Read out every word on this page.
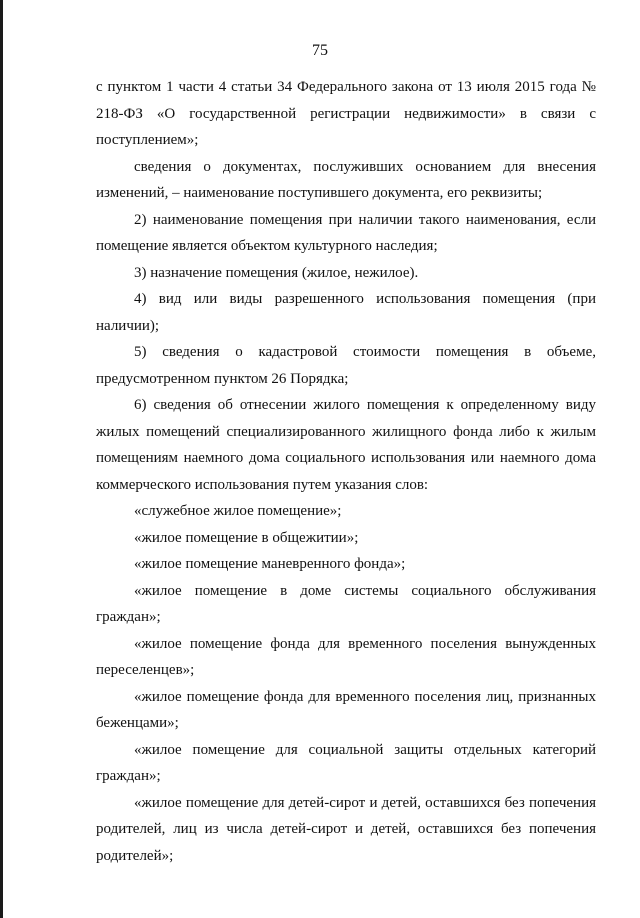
75

с пунктом 1 части 4 статьи 34 Федерального закона от 13 июля 2015 года № 218-ФЗ «О государственной регистрации недвижимости» в связи с поступлением»;

сведения о документах, послуживших основанием для внесения изменений, – наименование поступившего документа, его реквизиты;

2) наименование помещения при наличии такого наименования, если помещение является объектом культурного наследия;

3) назначение помещения (жилое, нежилое).

4) вид или виды разрешенного использования помещения (при наличии);

5) сведения о кадастровой стоимости помещения в объеме, предусмотренном пунктом 26 Порядка;

6) сведения об отнесении жилого помещения к определенному виду жилых помещений специализированного жилищного фонда либо к жилым помещениям наемного дома социального использования или наемного дома коммерческого использования путем указания слов:

«служебное жилое помещение»;

«жилое помещение в общежитии»;

«жилое помещение маневренного фонда»;

«жилое помещение в доме системы социального обслуживания граждан»;

«жилое помещение фонда для временного поселения вынужденных переселенцев»;

«жилое помещение фонда для временного поселения лиц, признанных беженцами»;

«жилое помещение для социальной защиты отдельных категорий граждан»;

«жилое помещение для детей-сирот и детей, оставшихся без попечения родителей, лиц из числа детей-сирот и детей, оставшихся без попечения родителей»;
